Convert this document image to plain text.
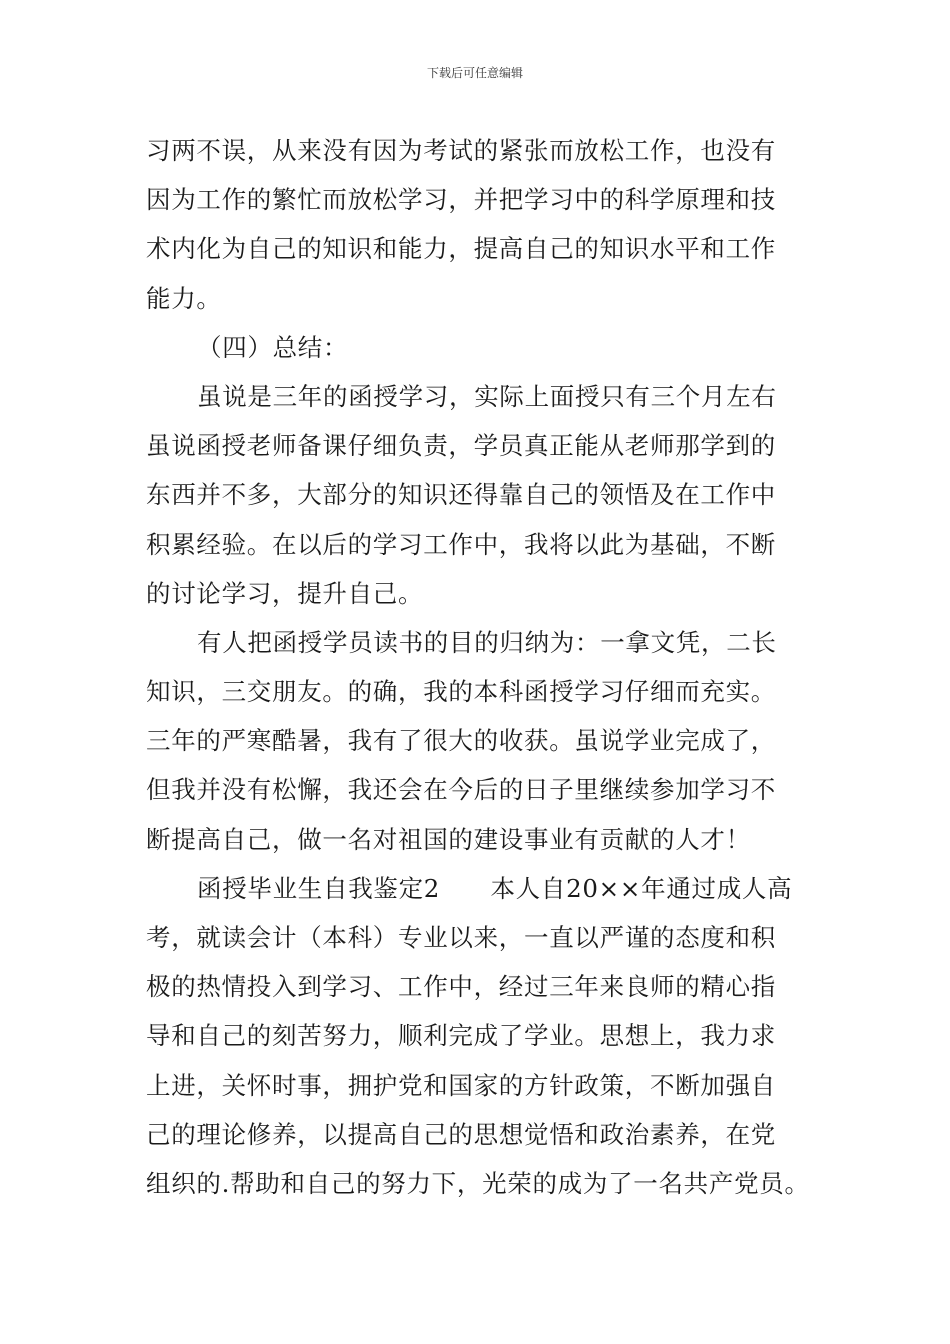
下载后可任意编辑
习两不误，从来没有因为考试的紧张而放松工作，也没有
因为工作的繁忙而放松学习，并把学习中的科学原理和技
术内化为自己的知识和能力，提高自己的知识水平和工作
能力。
（四）总结：
虽说是三年的函授学习，实际上面授只有三个月左右
虽说函授老师备课仔细负责，学员真正能从老师那学到的
东西并不多，大部分的知识还得靠自己的领悟及在工作中
积累经验。在以后的学习工作中，我将以此为基础，不断
的讨论学习，提升自己。
有人把函授学员读书的目的归纳为：一拿文凭，二长
知识，三交朋友。的确，我的本科函授学习仔细而充实。
三年的严寒酷暑，我有了很大的收获。虽说学业完成了，
但我并没有松懈，我还会在今后的日子里继续参加学习不
断提高自己，做一名对祖国的建设事业有贡献的人才！
函授毕业生自我鉴定2　　本人自20××年通过成人高
考，就读会计（本科）专业以来，一直以严谨的态度和积
极的热情投入到学习、工作中，经过三年来良师的精心指
导和自己的刻苦努力，顺利完成了学业。思想上，我力求
上进，关怀时事，拥护党和国家的方针政策，不断加强自
己的理论修养，以提高自己的思想觉悟和政治素养，在党
组织的.帮助和自己的努力下，光荣的成为了一名共产党员。
